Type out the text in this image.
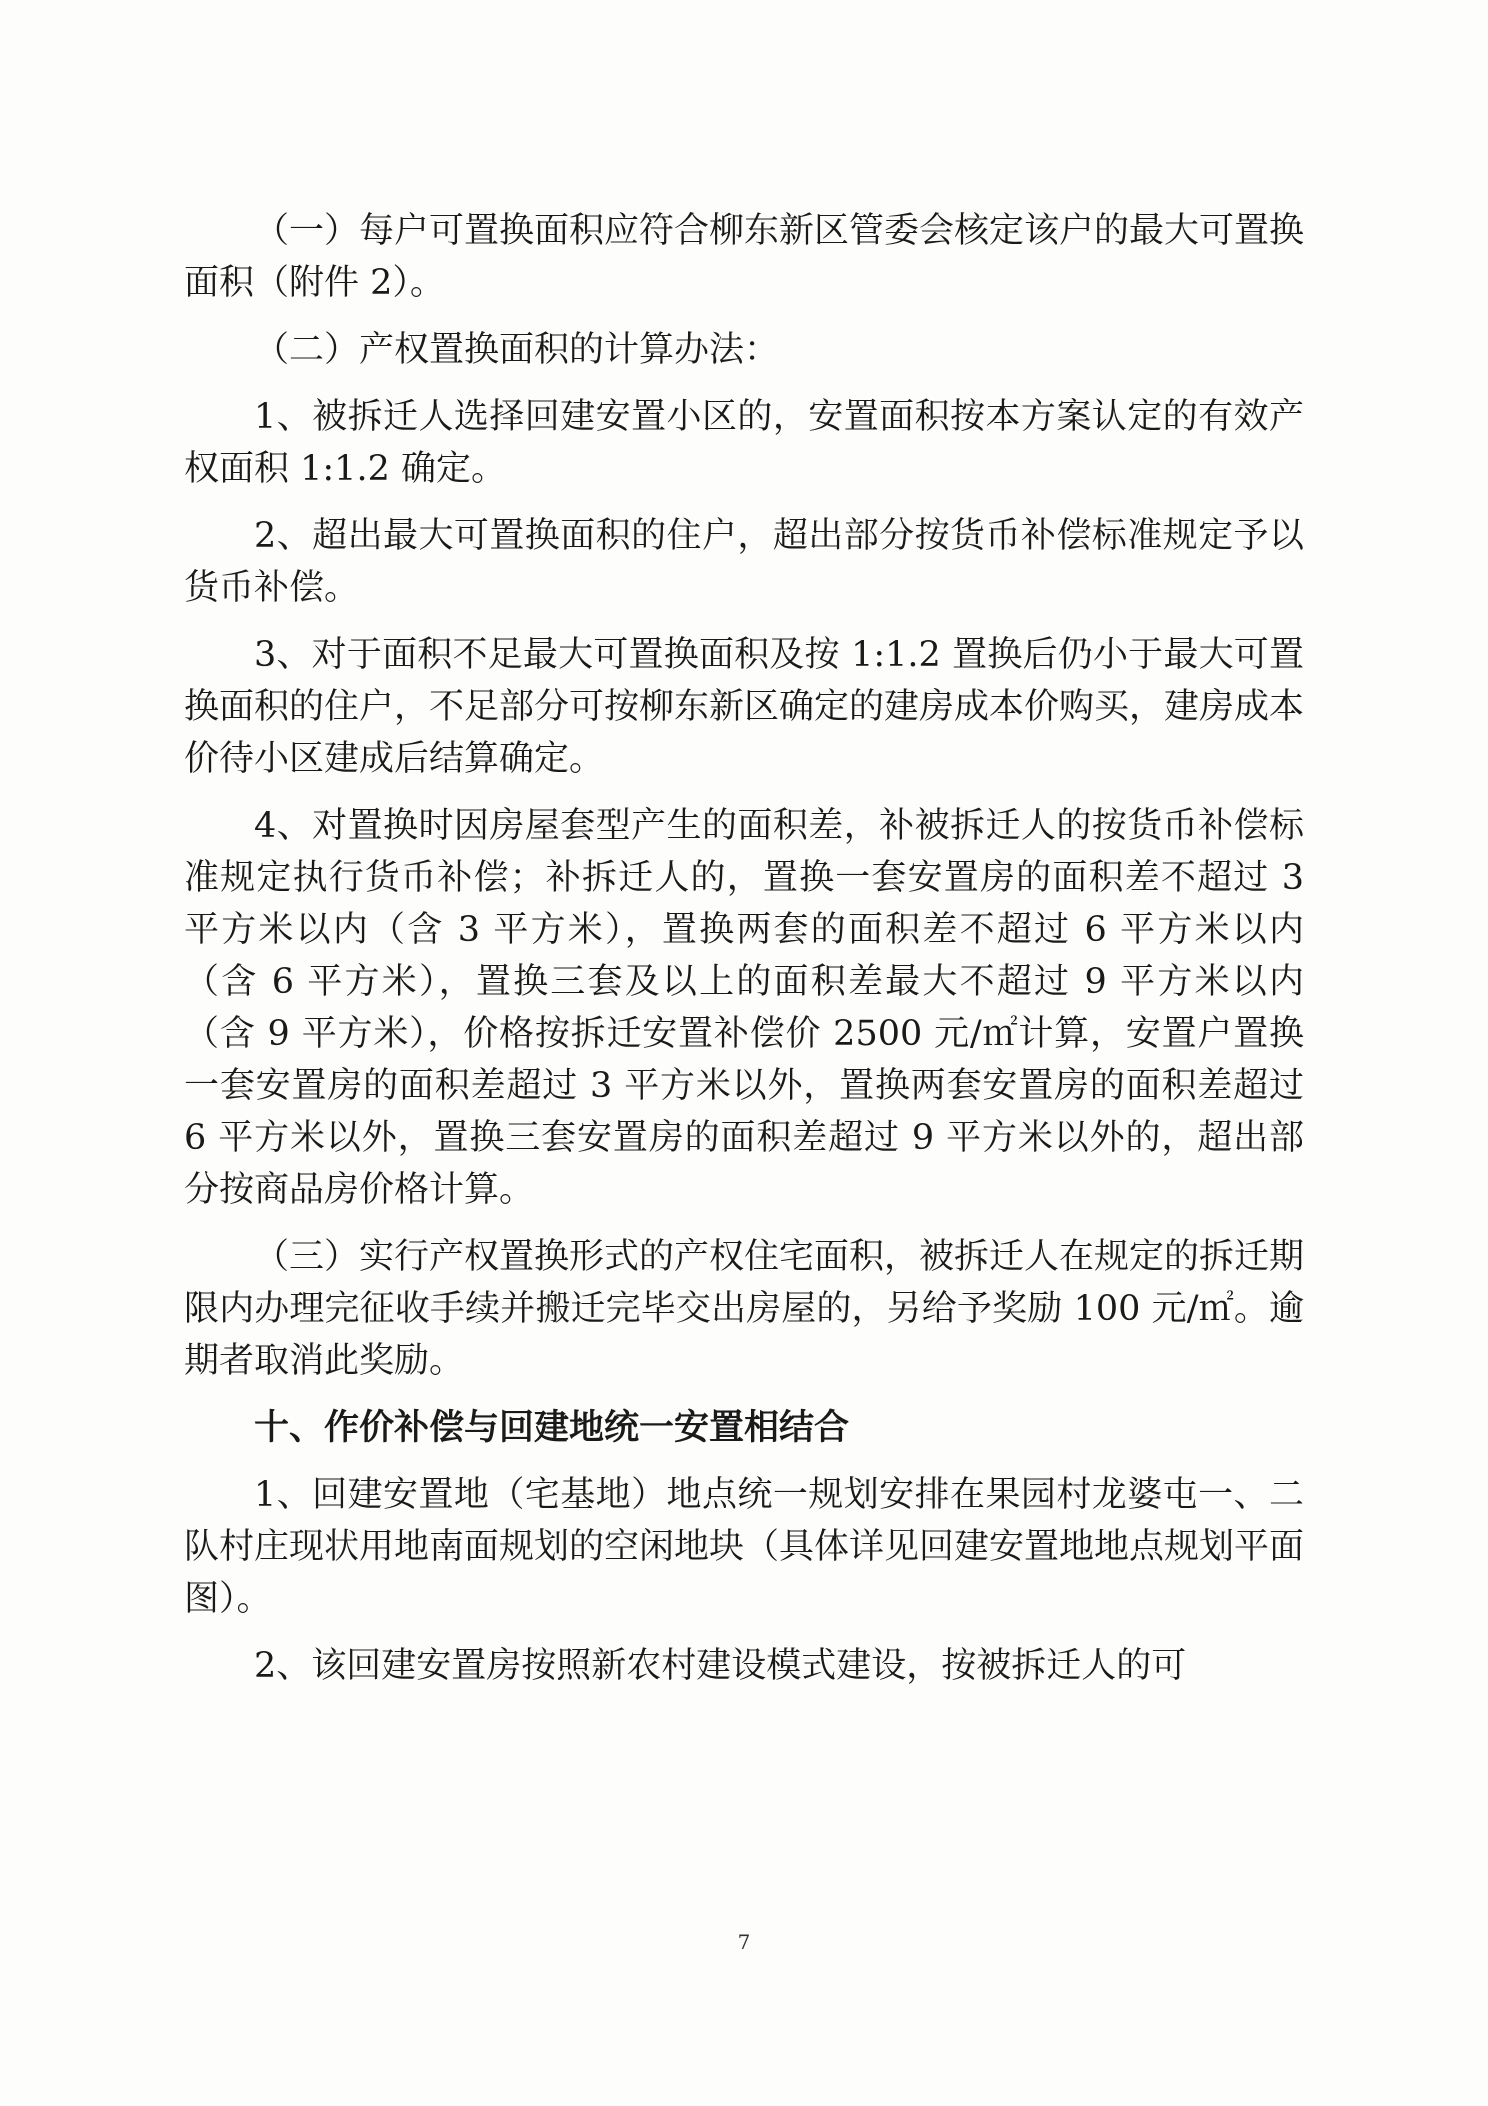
（一）每户可置换面积应符合柳东新区管委会核定该户的最大可置换面积（附件 2）。

（二）产权置换面积的计算办法：

1、被拆迁人选择回建安置小区的，安置面积按本方案认定的有效产权面积 1:1.2 确定。

2、超出最大可置换面积的住户，超出部分按货币补偿标准规定予以货币补偿。

3、对于面积不足最大可置换面积及按 1:1.2 置换后仍小于最大可置换面积的住户，不足部分可按柳东新区确定的建房成本价购买，建房成本价待小区建成后结算确定。

4、对置换时因房屋套型产生的面积差，补被拆迁人的按货币补偿标准规定执行货币补偿；补拆迁人的，置换一套安置房的面积差不超过 3 平方米以内（含 3 平方米），置换两套的面积差不超过 6 平方米以内（含 6 平方米），置换三套及以上的面积差最大不超过 9 平方米以内（含 9 平方米），价格按拆迁安置补偿价 2500 元/㎡计算，安置户置换一套安置房的面积差超过 3 平方米以外，置换两套安置房的面积差超过 6 平方米以外，置换三套安置房的面积差超过 9 平方米以外的，超出部分按商品房价格计算。

（三）实行产权置换形式的产权住宅面积，被拆迁人在规定的拆迁期限内办理完征收手续并搬迁完毕交出房屋的，另给予奖励 100 元/㎡。逾期者取消此奖励。

十、作价补偿与回建地统一安置相结合

1、回建安置地（宅基地）地点统一规划安排在果园村龙婆屯一、二队村庄现状用地南面规划的空闲地块（具体详见回建安置地地点规划平面图）。

2、该回建安置房按照新农村建设模式建设，按被拆迁人的可

7
